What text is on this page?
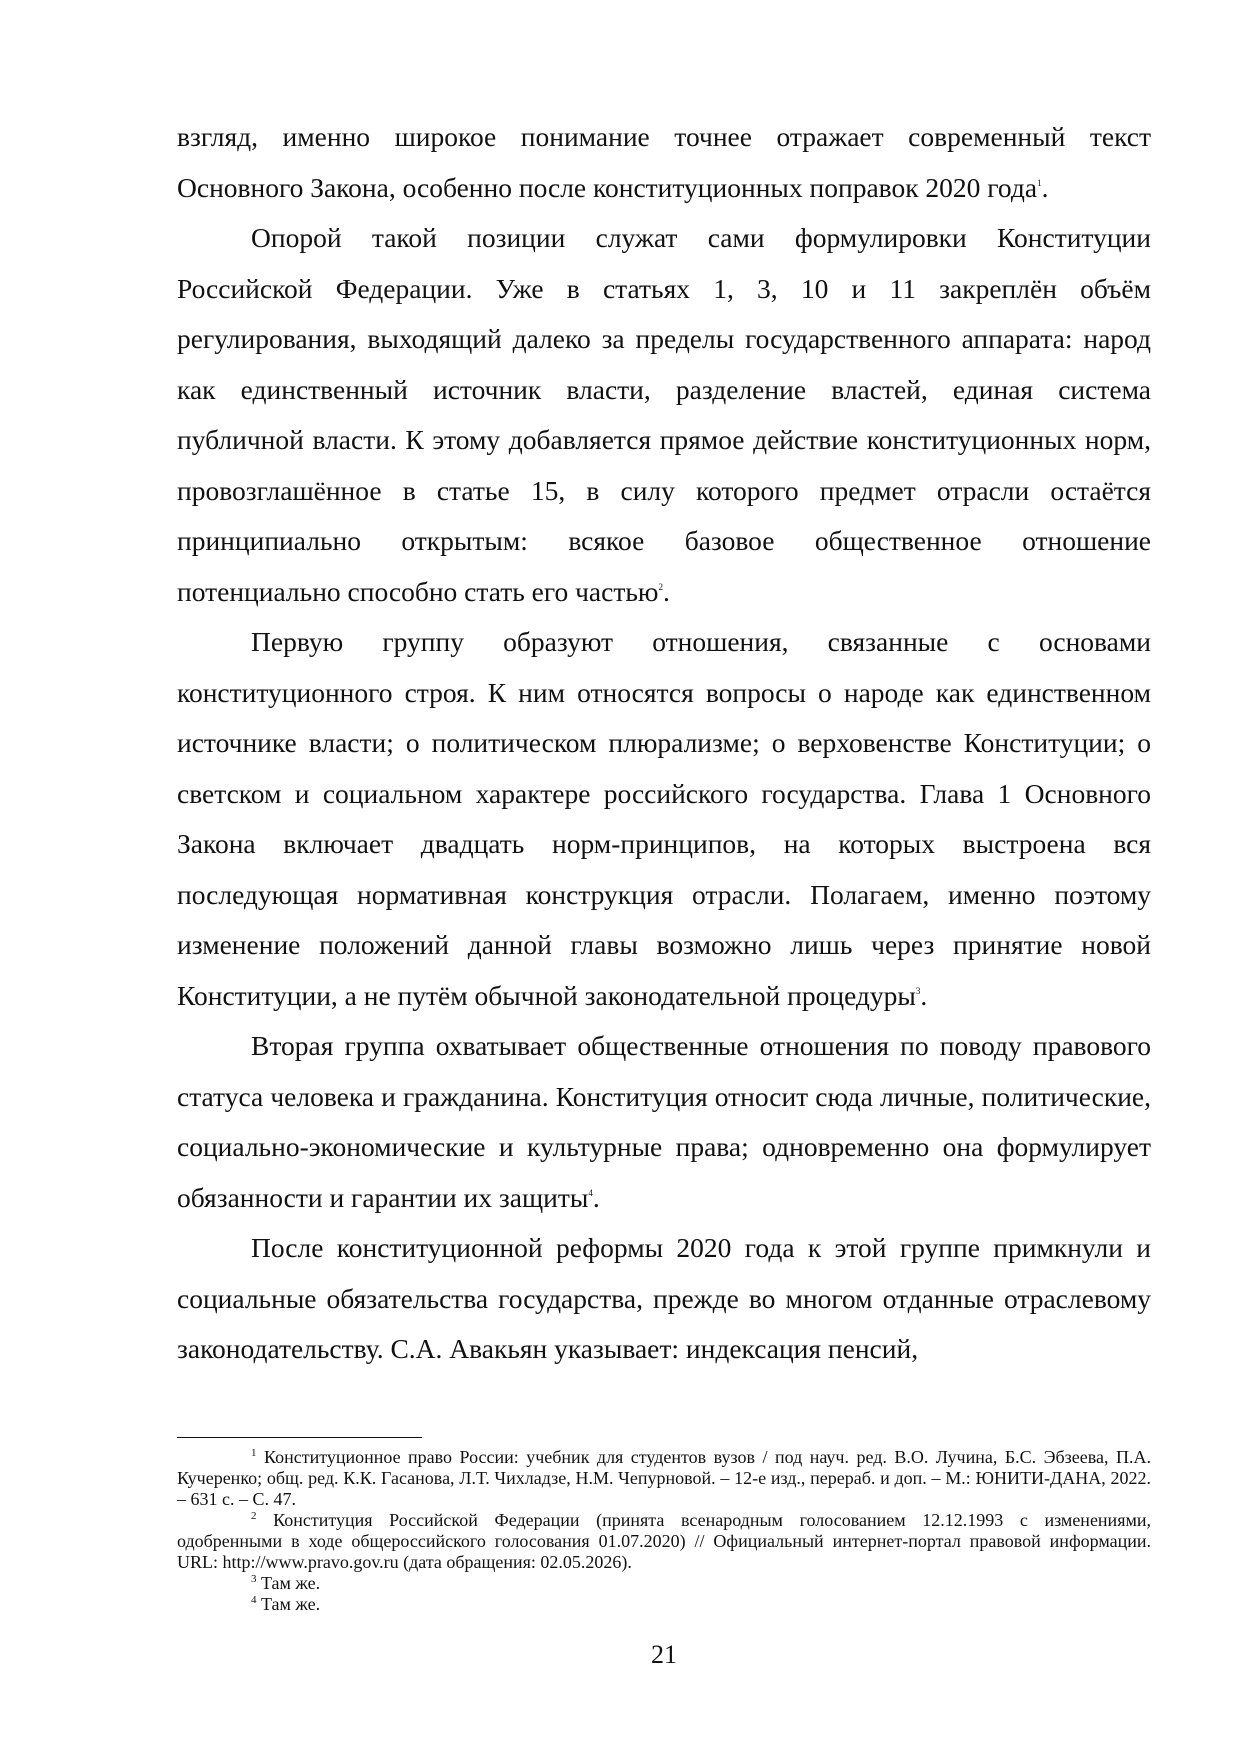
взгляд, именно широкое понимание точнее отражает современный текст Основного Закона, особенно после конституционных поправок 2020 года$^1$.

Опорой такой позиции служат сами формулировки Конституции Российской Федерации. Уже в статьях 1, 3, 10 и 11 закреплён объём регулирования, выходящий далеко за пределы государственного аппарата: народ как единственный источник власти, разделение властей, единая система публичной власти. К этому добавляется прямое действие конституционных норм, провозглашённое в статье 15, в силу которого предмет отрасли остаётся принципиально открытым: всякое базовое общественное отношение потенциально способно стать его частью$^2$.

Первую группу образуют отношения, связанные с основами конституционного строя. К ним относятся вопросы о народе как единственном источнике власти; о политическом плюрализме; о верховенстве Конституции; о светском и социальном характере российского государства. Глава 1 Основного Закона включает двадцать норм-принципов, на которых выстроена вся последующая нормативная конструкция отрасли. Полагаем, именно поэтому изменение положений данной главы возможно лишь через принятие новой Конституции, а не путём обычной законодательной процедуры$^3$.

Вторая группа охватывает общественные отношения по поводу правового статуса человека и гражданина. Конституция относит сюда личные, политические, социально-экономические и культурные права; одновременно она формулирует обязанности и гарантии их защиты$^4$.

После конституционной реформы 2020 года к этой группе примкнули и социальные обязательства государства, прежде во многом отданные отраслевому законодательству. С.А. Авакьян указывает: индексация пенсий,

$^1$ Конституционное право России: учебник для студентов вузов / под науч. ред. В.О. Лучина, Б.С. Эбзеева, П.А. Кучеренко; общ. ред. К.К. Гасанова, Л.Т. Чихладзе, Н.М. Чепурновой. – 12-е изд., перераб. и доп. – М.: ЮНИТИ-ДАНА, 2022. – 631 с. – С. 47.

$^2$ Конституция Российской Федерации (принята всенародным голосованием 12.12.1993 с изменениями, одобренными в ходе общероссийского голосования 01.07.2020) // Официальный интернет-портал правовой информации. URL: http://www.pravo.gov.ru (дата обращения: 02.05.2026).

$^3$ Там же.

$^4$ Там же.

21
